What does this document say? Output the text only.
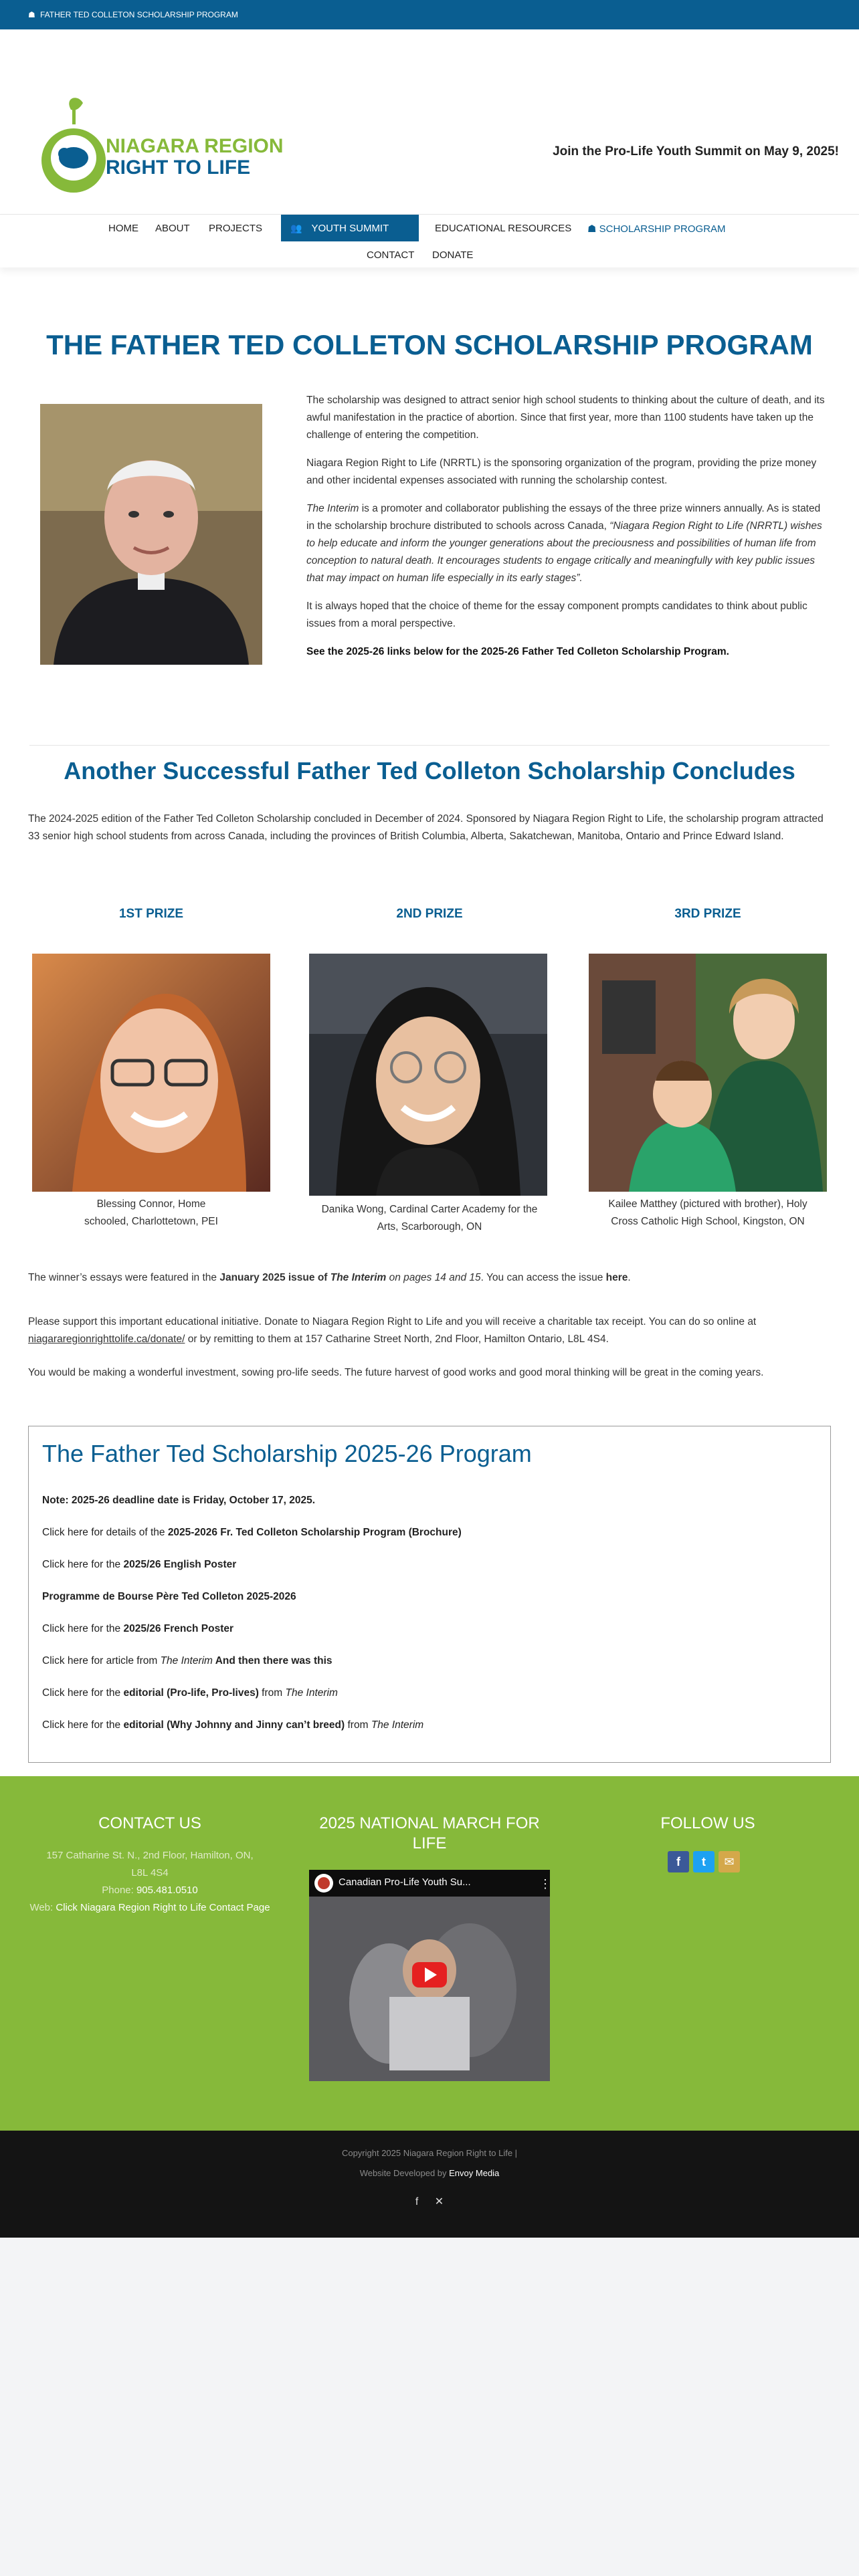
☗ FATHER TED COLLETON SCHOLARSHIP PROGRAM
NIAGARA REGION
RIGHT TO LIFE
Join the Pro-Life Youth Summit on May 9, 2025!
HOME ABOUT PROJECTS	👥 YOUTH SUMMIT	EDUCATIONAL RESOURCES ☗ SCHOLARSHIP PROGRAM
CONTACT DONATE
THE FATHER TED COLLETON SCHOLARSHIP PROGRAM

The scholarship was designed to attract senior high school students to thinking about the culture of death, and its awful manifestation in the practice of abortion. Since that first year, more than 1100 students have taken up the challenge of entering the competition.

Niagara Region Right to Life (NRRTL) is the sponsoring organization of the program, providing the prize money and other incidental expenses associated with running the scholarship contest.

The Interim is a promoter and collaborator publishing the essays of the three prize winners annually. As is stated in the scholarship brochure distributed to schools across Canada, “Niagara Region Right to Life (NRRTL) wishes to help educate and inform the younger generations about the preciousness and possibilities of human life from conception to natural death. It encourages students to engage critically and meaningfully with key public issues that may impact on human life especially in its early stages”.

It is always hoped that the choice of theme for the essay component prompts candidates to think about public issues from a moral perspective.

See the 2025-26 links below for the 2025-26 Father Ted Colleton Scholarship Program.

Another Successful Father Ted Colleton Scholarship Concludes

The 2024-2025 edition of the Father Ted Colleton Scholarship concluded in December of 2024. Sponsored by Niagara Region Right to Life, the scholarship program attracted 33 senior high school students from across Canada, including the provinces of British Columbia, Alberta, Sakatchewan, Manitoba, Ontario and Prince Edward Island.

1ST PRIZE	2ND PRIZE	3RD PRIZE
Blessing Connor, Home
schooled, Charlottetown, PEI
Danika Wong, Cardinal Carter Academy for the
Arts, Scarborough, ON
Kailee Matthey (pictured with brother), Holy
Cross Catholic High School, Kingston, ON

The winner’s essays were featured in the January 2025 issue of The Interim on pages 14 and 15. You can access the issue here.

Please support this important educational initiative. Donate to Niagara Region Right to Life and you will receive a charitable tax receipt. You can do so online at niagararegionrighttolife.ca/donate/ or by remitting to them at 157 Catharine Street North, 2nd Floor, Hamilton Ontario, L8L 4S4.

You would be making a wonderful investment, sowing pro-life seeds. The future harvest of good works and good moral thinking will be great in the coming years.

The Father Ted Scholarship 2025-26 Program
Note: 2025-26 deadline date is Friday, October 17, 2025.
Click here for details of the 2025-2026 Fr. Ted Colleton Scholarship Program (Brochure)
Click here for the 2025/26 English Poster
Programme de Bourse Père Ted Colleton 2025-2026
Click here for the 2025/26 French Poster
Click here for article from The Interim And then there was this
Click here for the editorial (Pro-life, Pro-lives) from The Interim
Click here for the editorial (Why Johnny and Jinny can’t breed) from The Interim
CONTACT US
157 Catharine St. N., 2nd Floor, Hamilton, ON,
L8L 4S4
Phone: 905.481.0510
Web: Click Niagara Region Right to Life Contact Page
2025 NATIONAL MARCH FOR LIFE
⋮
Canadian Pro-Life Youth Su...
FOLLOW US
f	t	✉
Copyright 2025 Niagara Region Right to Life |
Website Developed by Envoy Media
f ✕
